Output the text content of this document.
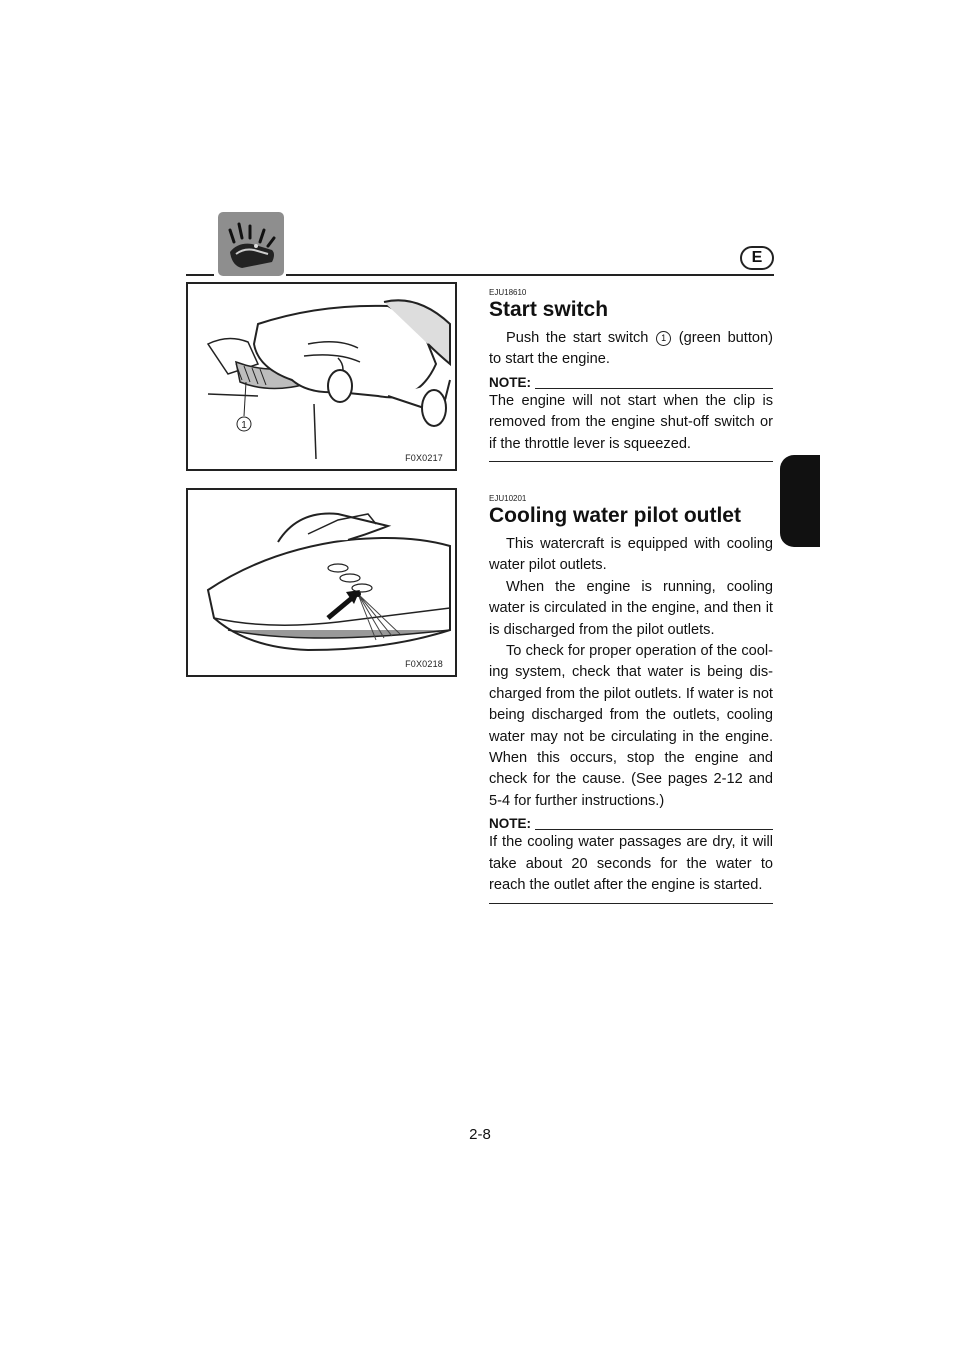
E
1
F0X0217
F0X0218
EJU18610
Start switch

Push the start switch 1 (green button) to start the engine.

NOTE:

The engine will not start when the clip is removed from the engine shut-off switch or if the throttle lever is squeezed.

EJU10201
Cooling water pilot outlet

This watercraft is equipped with cooling water pilot outlets.

When the engine is running, cooling water is circulated in the engine, and then it is discharged from the pilot outlets.

To check for proper operation of the cool-ing system, check that water is being dis-charged from the pilot outlets. If water is not being discharged from the outlets, cooling water may not be circulating in the engine. When this occurs, stop the engine and check for the cause. (See pages 2-12 and 5-4 for further instructions.)

NOTE:

If the cooling water passages are dry, it will take about 20 seconds for the water to reach the outlet after the engine is started.

2-8
